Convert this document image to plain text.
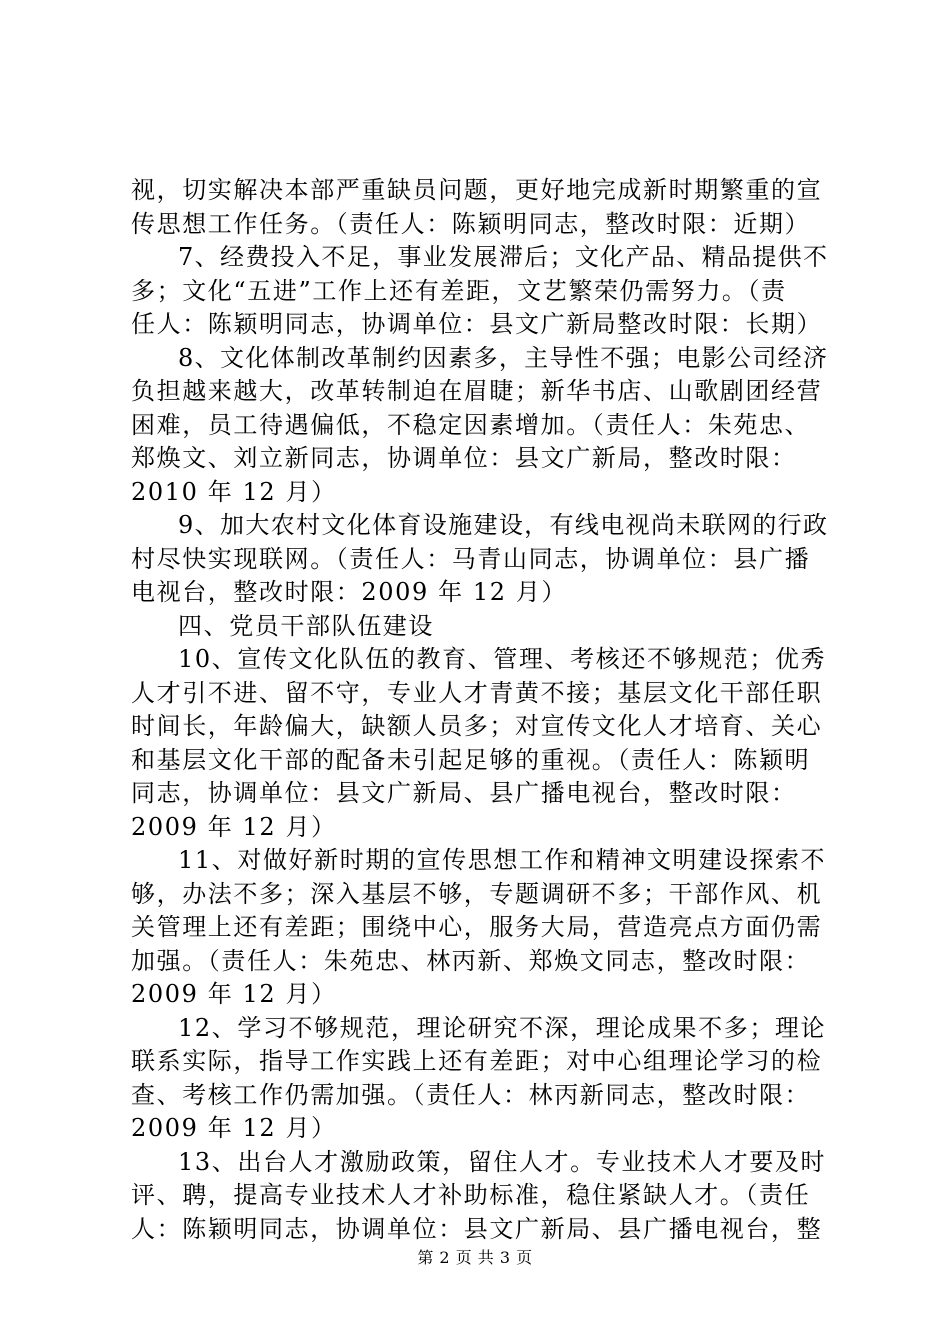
视，切实解决本部严重缺员问题，更好地完成新时期繁重的宣
传思想工作任务。（责任人：陈颖明同志，整改时限：近期）
7、经费投入不足，事业发展滞后；文化产品、精品提供不
多；文化“五进”工作上还有差距，文艺繁荣仍需努力。（责
任人：陈颖明同志，协调单位：县文广新局整改时限：长期）
8、文化体制改革制约因素多，主导性不强；电影公司经济
负担越来越大，改革转制迫在眉睫；新华书店、山歌剧团经营
困难，员工待遇偏低，不稳定因素增加。（责任人：朱苑忠、
郑焕文、刘立新同志，协调单位：县文广新局，整改时限：
2010 年 12 月）
9、加大农村文化体育设施建设，有线电视尚未联网的行政
村尽快实现联网。（责任人：马青山同志，协调单位：县广播
电视台，整改时限：2009 年 12 月）
四、党员干部队伍建设
10、宣传文化队伍的教育、管理、考核还不够规范；优秀
人才引不进、留不守，专业人才青黄不接；基层文化干部任职
时间长，年龄偏大，缺额人员多；对宣传文化人才培育、关心
和基层文化干部的配备未引起足够的重视。（责任人：陈颖明
同志，协调单位：县文广新局、县广播电视台，整改时限：
2009 年 12 月）
11、对做好新时期的宣传思想工作和精神文明建设探索不
够，办法不多；深入基层不够，专题调研不多；干部作风、机
关管理上还有差距；围绕中心，服务大局，营造亮点方面仍需
加强。（责任人：朱苑忠、林丙新、郑焕文同志，整改时限：
2009 年 12 月）
12、学习不够规范，理论研究不深，理论成果不多；理论
联系实际，指导工作实践上还有差距；对中心组理论学习的检
查、考核工作仍需加强。（责任人：林丙新同志，整改时限：
2009 年 12 月）
13、出台人才激励政策，留住人才。专业技术人才要及时
评、聘，提高专业技术人才补助标准，稳住紧缺人才。（责任
人：陈颖明同志，协调单位：县文广新局、县广播电视台，整
第 2 页 共 3 页
